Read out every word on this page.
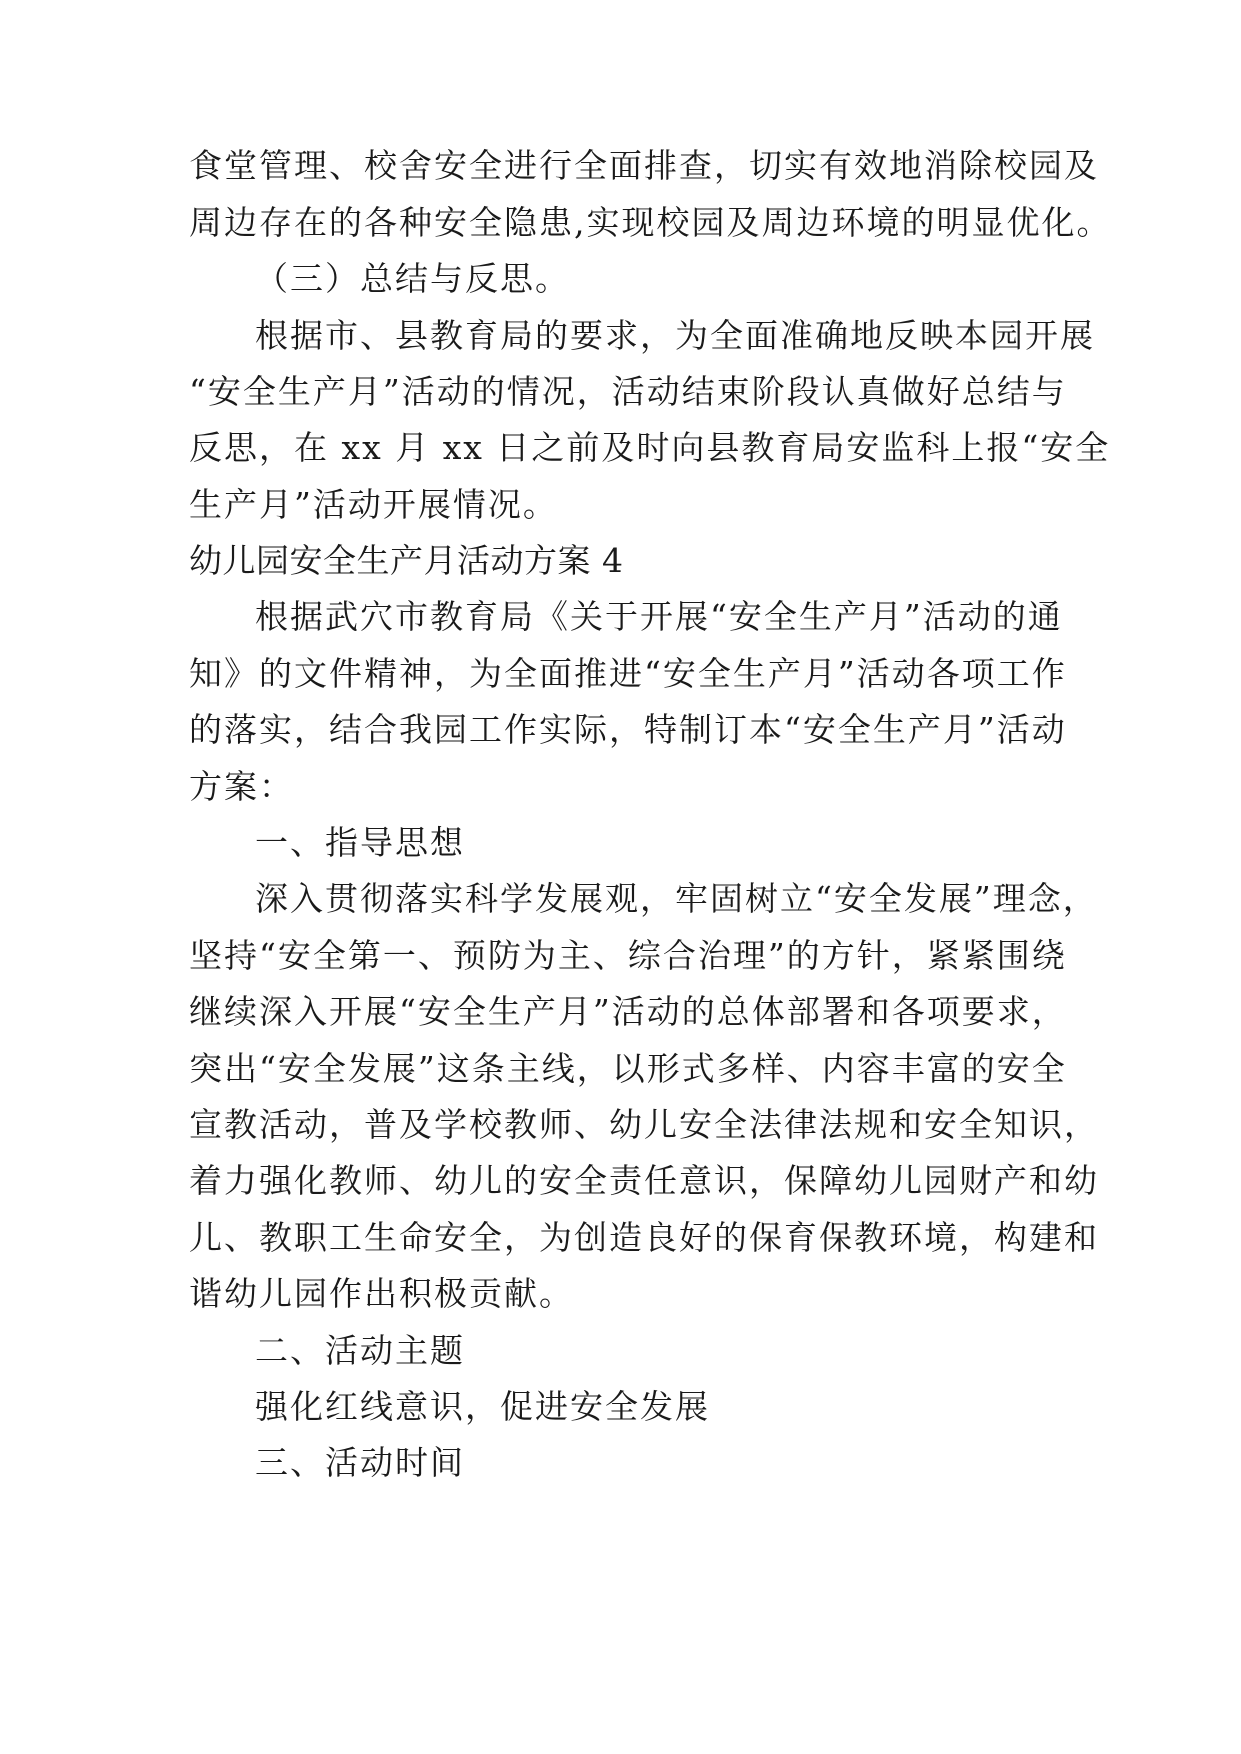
食堂管理、校舍安全进行全面排查，切实有效地消除校园及
周边存在的各种安全隐患,实现校园及周边环境的明显优化。
（三）总结与反思。
根据市、县教育局的要求，为全面准确地反映本园开展
“安全生产月”活动的情况，活动结束阶段认真做好总结与
反思，在 xx 月 xx 日之前及时向县教育局安监科上报“安全
生产月”活动开展情况。
幼儿园安全生产月活动方案 4
根据武穴市教育局《关于开展“安全生产月”活动的通
知》的文件精神，为全面推进“安全生产月”活动各项工作
的落实，结合我园工作实际，特制订本“安全生产月”活动
方案：
一、指导思想
深入贯彻落实科学发展观，牢固树立“安全发展”理念，
坚持“安全第一、预防为主、综合治理”的方针，紧紧围绕
继续深入开展“安全生产月”活动的总体部署和各项要求，
突出“安全发展”这条主线，以形式多样、内容丰富的安全
宣教活动，普及学校教师、幼儿安全法律法规和安全知识，
着力强化教师、幼儿的安全责任意识，保障幼儿园财产和幼
儿、教职工生命安全，为创造良好的保育保教环境，构建和
谐幼儿园作出积极贡献。
二、活动主题
强化红线意识，促进安全发展
三、活动时间
